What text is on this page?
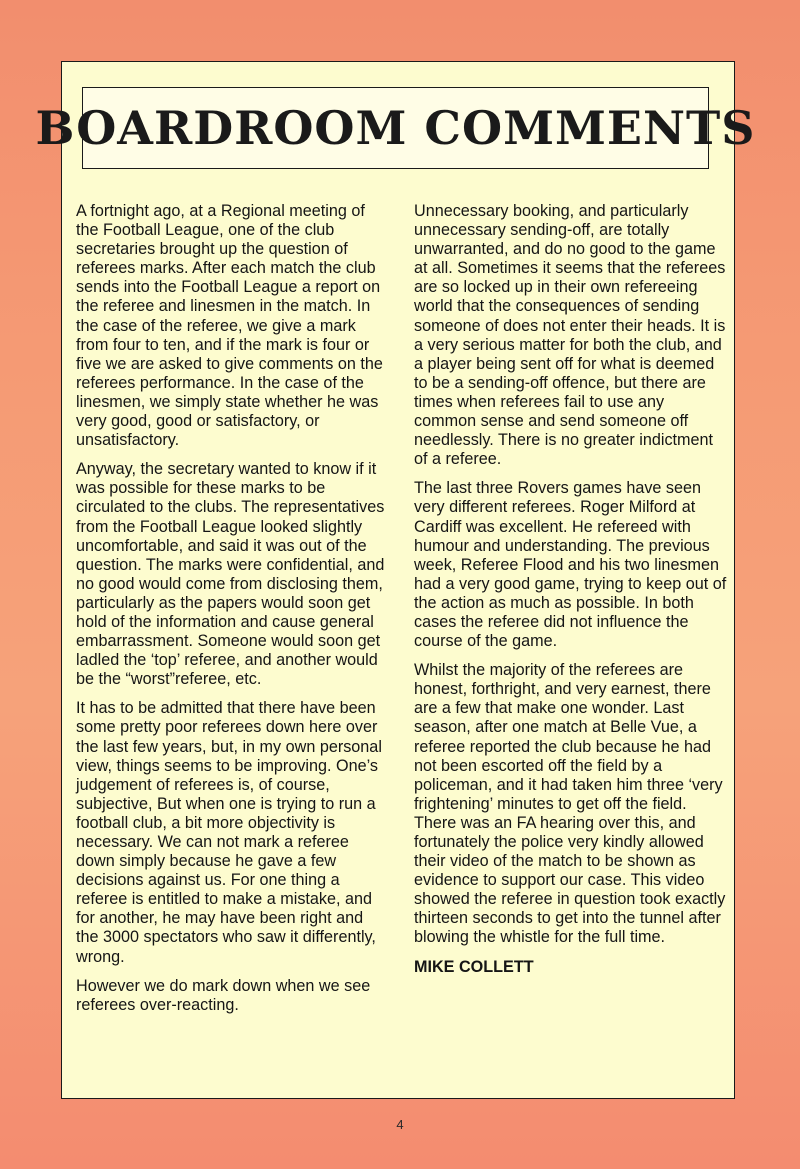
BOARDROOM COMMENTS

A fortnight ago, at a Regional meeting of the Football League, one of the club secretaries brought up the question of referees marks. After each match the club sends into the Football League a report on the referee and linesmen in the match. In the case of the referee, we give a mark from four to ten, and if the mark is four or five we are asked to give comments on the referees performance. In the case of the linesmen, we simply state whether he was very good, good or satisfactory, or unsatisfactory.

Anyway, the secretary wanted to know if it was possible for these marks to be circulated to the clubs. The representatives from the Football League looked slightly uncomfortable, and said it was out of the question. The marks were confidential, and no good would come from disclosing them, particularly as the papers would soon get hold of the information and cause general embarrassment. Someone would soon get ladled the ‘top’ referee, and another would be the “worst”referee, etc.

It has to be admitted that there have been some pretty poor referees down here over the last few years, but, in my own personal view, things seems to be improving. One’s judgement of referees is, of course, subjective, But when one is trying to run a football club, a bit more objectivity is necessary. We can not mark a referee down simply because he gave a few decisions against us. For one thing a referee is entitled to make a mistake, and for another, he may have been right and the 3000 spectators who saw it differently, wrong.

However we do mark down when we see referees over-reacting.

Unnecessary booking, and particularly unnecessary sending-off, are totally unwarranted, and do no good to the game at all. Sometimes it seems that the referees are so locked up in their own refereeing world that the consequences of sending someone of does not enter their heads. It is a very serious matter for both the club, and a player being sent off for what is deemed to be a sending-off offence, but there are times when referees fail to use any common sense and send someone off needlessly. There is no greater indictment of a referee.

The last three Rovers games have seen very different referees. Roger Milford at Cardiff was excellent. He refereed with humour and understanding. The previous week, Referee Flood and his two linesmen had a very good game, trying to keep out of the action as much as possible. In both cases the referee did not influence the course of the game.

Whilst the majority of the referees are honest, forthright, and very earnest, there are a few that make one wonder. Last season, after one match at Belle Vue, a referee reported the club because he had not been escorted off the field by a policeman, and it had taken him three ‘very frightening’ minutes to get off the field. There was an FA hearing over this, and fortunately the police very kindly allowed their video of the match to be shown as evidence to support our case. This video showed the referee in question took exactly thirteen seconds to get into the tunnel after blowing the whistle for the full time.

MIKE COLLETT
4
